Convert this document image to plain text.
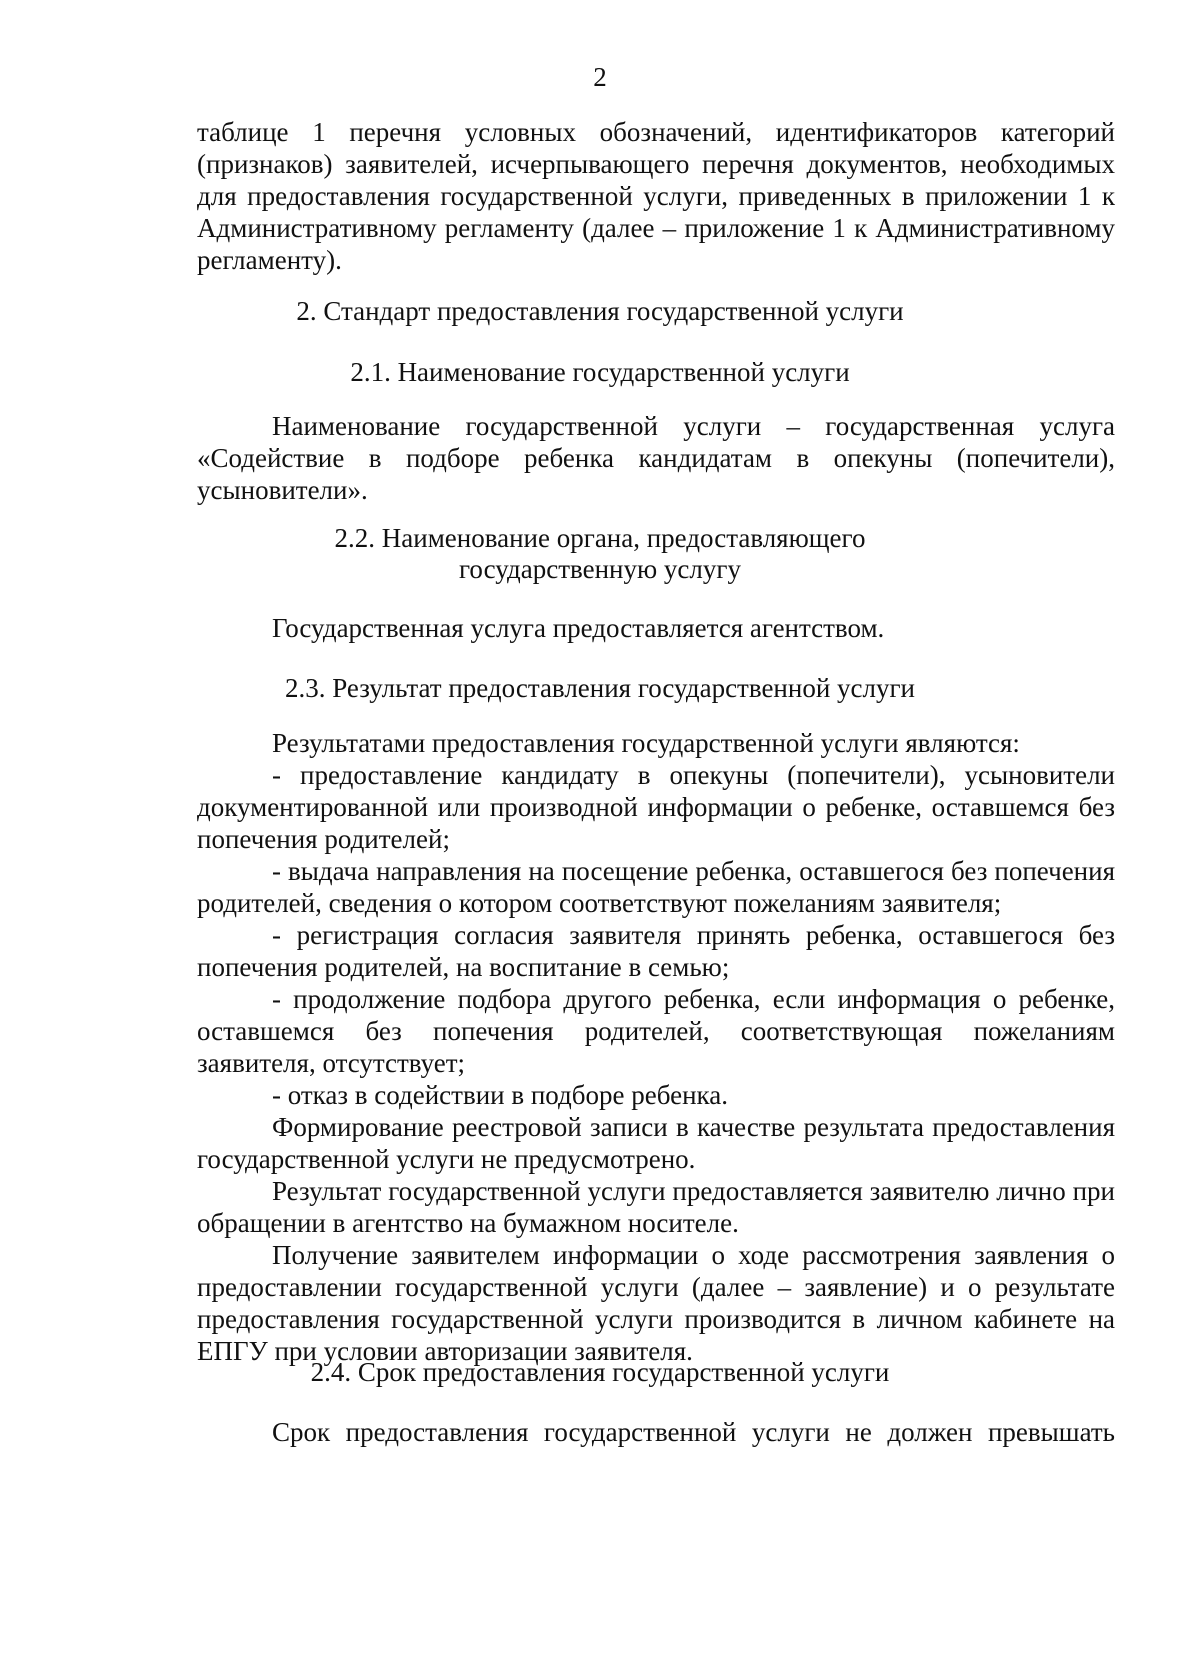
2

таблице 1 перечня условных обозначений, идентификаторов категорий (признаков) заявителей, исчерпывающего перечня документов, необходимых для предоставления государственной услуги, приведенных в приложении 1 к Административному регламенту (далее – приложение 1 к Административному регламенту).

2. Стандарт предоставления государственной услуги

2.1. Наименование государственной услуги

Наименование государственной услуги – государственная услуга «Содействие в подборе ребенка кандидатам в опекуны (попечители), усыновители».

2.2. Наименование органа, предоставляющего

государственную услугу

Государственная услуга предоставляется агентством.

2.3. Результат предоставления государственной услуги

Результатами предоставления государственной услуги являются:

- предоставление кандидату в опекуны (попечители), усыновители документированной или производной информации о ребенке, оставшемся без попечения родителей;

- выдача направления на посещение ребенка, оставшегося без попечения родителей, сведения о котором соответствуют пожеланиям заявителя;

- регистрация согласия заявителя принять ребенка, оставшегося без попечения родителей, на воспитание в семью;

- продолжение подбора другого ребенка, если информация о ребенке, оставшемся без попечения родителей, соответствующая пожеланиям заявителя, отсутствует;

- отказ в содействии в подборе ребенка.

Формирование реестровой записи в качестве результата предоставления государственной услуги не предусмотрено.

Результат государственной услуги предоставляется заявителю лично при обращении в агентство на бумажном носителе.

Получение заявителем информации о ходе рассмотрения заявления о предоставлении государственной услуги (далее – заявление) и о результате предоставления государственной услуги производится в личном кабинете на ЕПГУ при условии авторизации заявителя.

2.4. Срок предоставления государственной услуги

Срок предоставления государственной услуги не должен превышать
